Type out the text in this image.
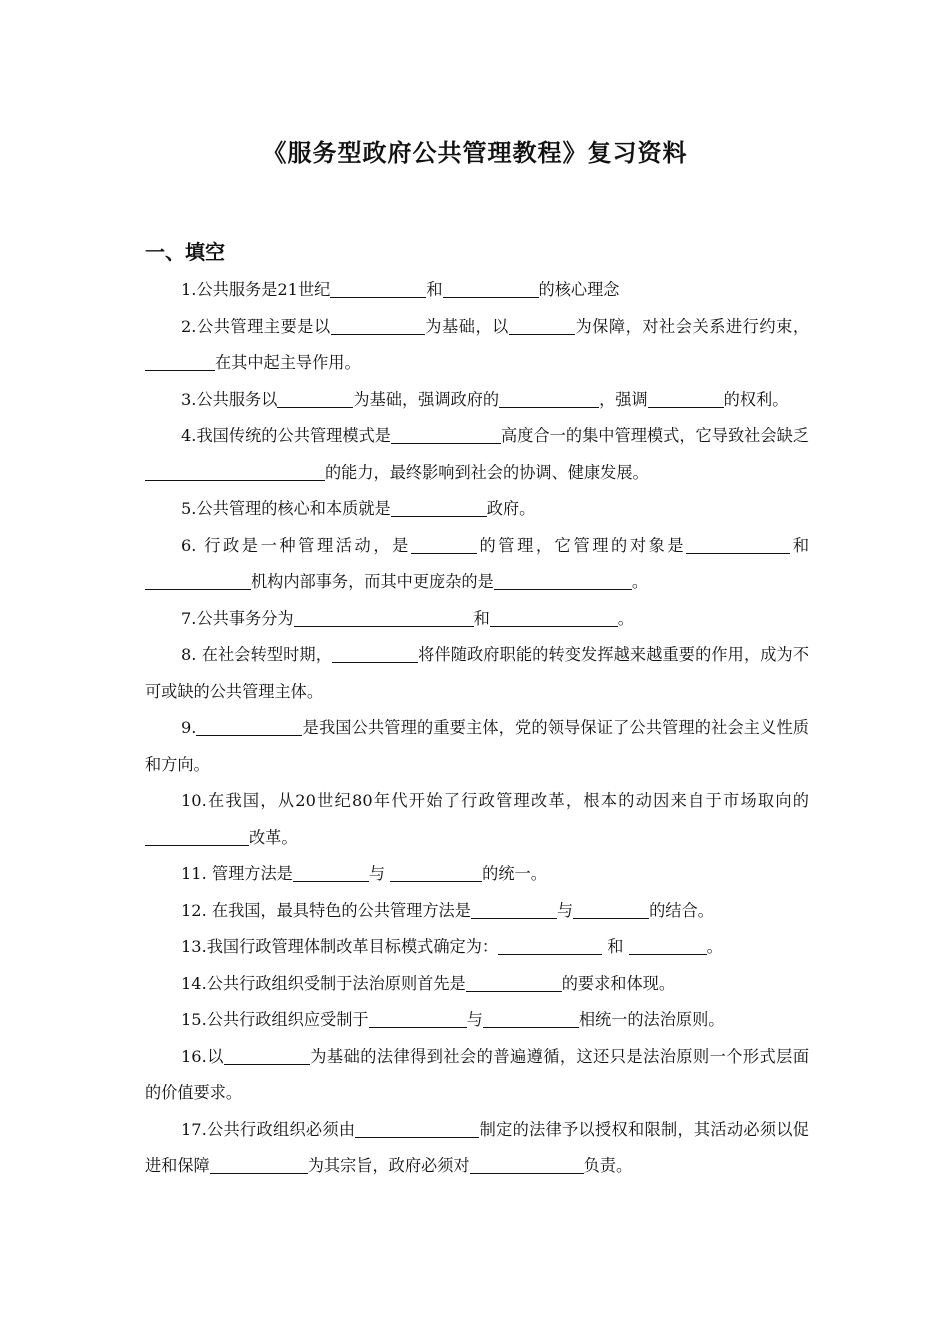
《服务型政府公共管理教程》复习资料
一、填空

1.公共服务是21世纪	和	的核心理念

2.公共管理主要是以	为基础，以	为保障，对社会关系进行约束，在其中起主导作用。

3.公共服务以	为基础，强调政府的	，强调	的权利。

4.我国传统的公共管理模式是	高度合一的集中管理模式，它导致社会缺乏的能力，最终影响到社会的协调、健康发展。

5.公共管理的核心和本质就是	政府。

6. 行政是一种管理活动，是	的管理，它管理的对象是	和机构内部事务，而其中更庞杂的是	。

7.公共事务分为	和	。

8. 在社会转型时期，	将伴随政府职能的转变发挥越来越重要的作用，成为不可或缺的公共管理主体。

9.	是我国公共管理的重要主体，党的领导保证了公共管理的社会主义性质和方向。

10.在我国，从20世纪80年代开始了行政管理改革，根本的动因来自于市场取向的改革。

11. 管理方法是	与	的统一。

12. 在我国，最具特色的公共管理方法是	与	的结合。

13.我国行政管理体制改革目标模式确定为：	和	。

14.公共行政组织受制于法治原则首先是	的要求和体现。

15.公共行政组织应受制于	与	相统一的法治原则。

16.以	为基础的法律得到社会的普遍遵循，这还只是法治原则一个形式层面的价值要求。

17.公共行政组织必须由	制定的法律予以授权和限制，其活动必须以促进和保障	为其宗旨，政府必须对	负责。
